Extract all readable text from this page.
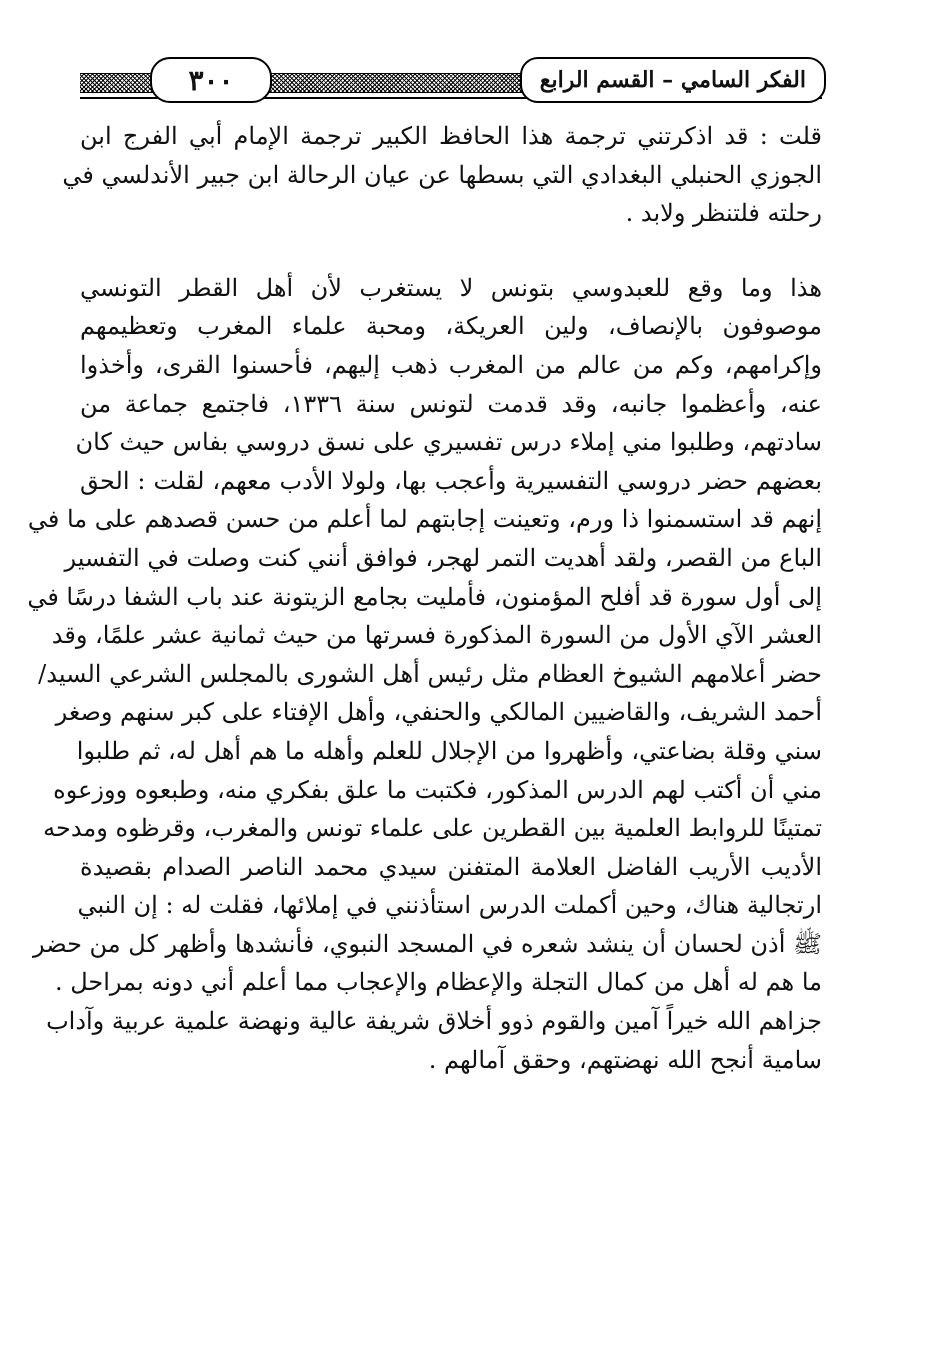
الفكر السامي – القسم الرابع
٣٠٠
قلت : قد اذكرتني ترجمة هذا الحافظ الكبير ترجمة الإمام أبي الفرج ابن
الجوزي الحنبلي البغدادي التي بسطها عن عيان الرحالة ابن جبير الأندلسي في
رحلته فلتنظر ولابد .
هذا وما وقع للعبدوسي بتونس لا يستغرب لأن أهل القطر التونسي
موصوفون بالإنصاف، ولين العريكة، ومحبة علماء المغرب وتعظيمهم
وإكرامهم، وكم من عالم من المغرب ذهب إليهم، فأحسنوا القرى، وأخذوا
عنه، وأعظموا جانبه، وقد قدمت لتونس سنة ١٣٣٦، فاجتمع جماعة من
سادتهم، وطلبوا مني إملاء درس تفسيري على نسق دروسي بفاس حيث كان
بعضهم حضر دروسي التفسيرية وأعجب بها، ولولا الأدب معهم، لقلت : الحق
إنهم قد استسمنوا ذا ورم، وتعينت إجابتهم لما أعلم من حسن قصدهم على ما في
الباع من القصر، ولقد أهديت التمر لهجر، فوافق أنني كنت وصلت في التفسير
إلى أول سورة قد أفلح المؤمنون، فأمليت بجامع الزيتونة عند باب الشفا درسًا في
العشر الآي الأول من السورة المذكورة فسرتها من حيث ثمانية عشر علمًا، وقد
حضر أعلامهم الشيوخ العظام مثل رئيس أهل الشورى بالمجلس الشرعي السيد/
أحمد الشريف، والقاضيين المالكي والحنفي، وأهل الإفتاء على كبر سنهم وصغر
سني وقلة بضاعتي، وأظهروا من الإجلال للعلم وأهله ما هم أهل له، ثم طلبوا
مني أن أكتب لهم الدرس المذكور، فكتبت ما علق بفكري منه، وطبعوه ووزعوه
تمتينًا للروابط العلمية بين القطرين على علماء تونس والمغرب، وقرظوه ومدحه
الأديب الأريب الفاضل العلامة المتفنن سيدي محمد الناصر الصدام بقصيدة
ارتجالية هناك، وحين أكملت الدرس استأذنني في إملائها، فقلت له : إن النبي
ﷺ أذن لحسان أن ينشد شعره في المسجد النبوي، فأنشدها وأظهر كل من حضر
ما هم له أهل من كمال التجلة والإعظام والإعجاب مما أعلم أني دونه بمراحل .
جزاهم الله خيراً آمين والقوم ذوو أخلاق شريفة عالية ونهضة علمية عربية وآداب
سامية أنجح الله نهضتهم، وحقق آمالهم .
